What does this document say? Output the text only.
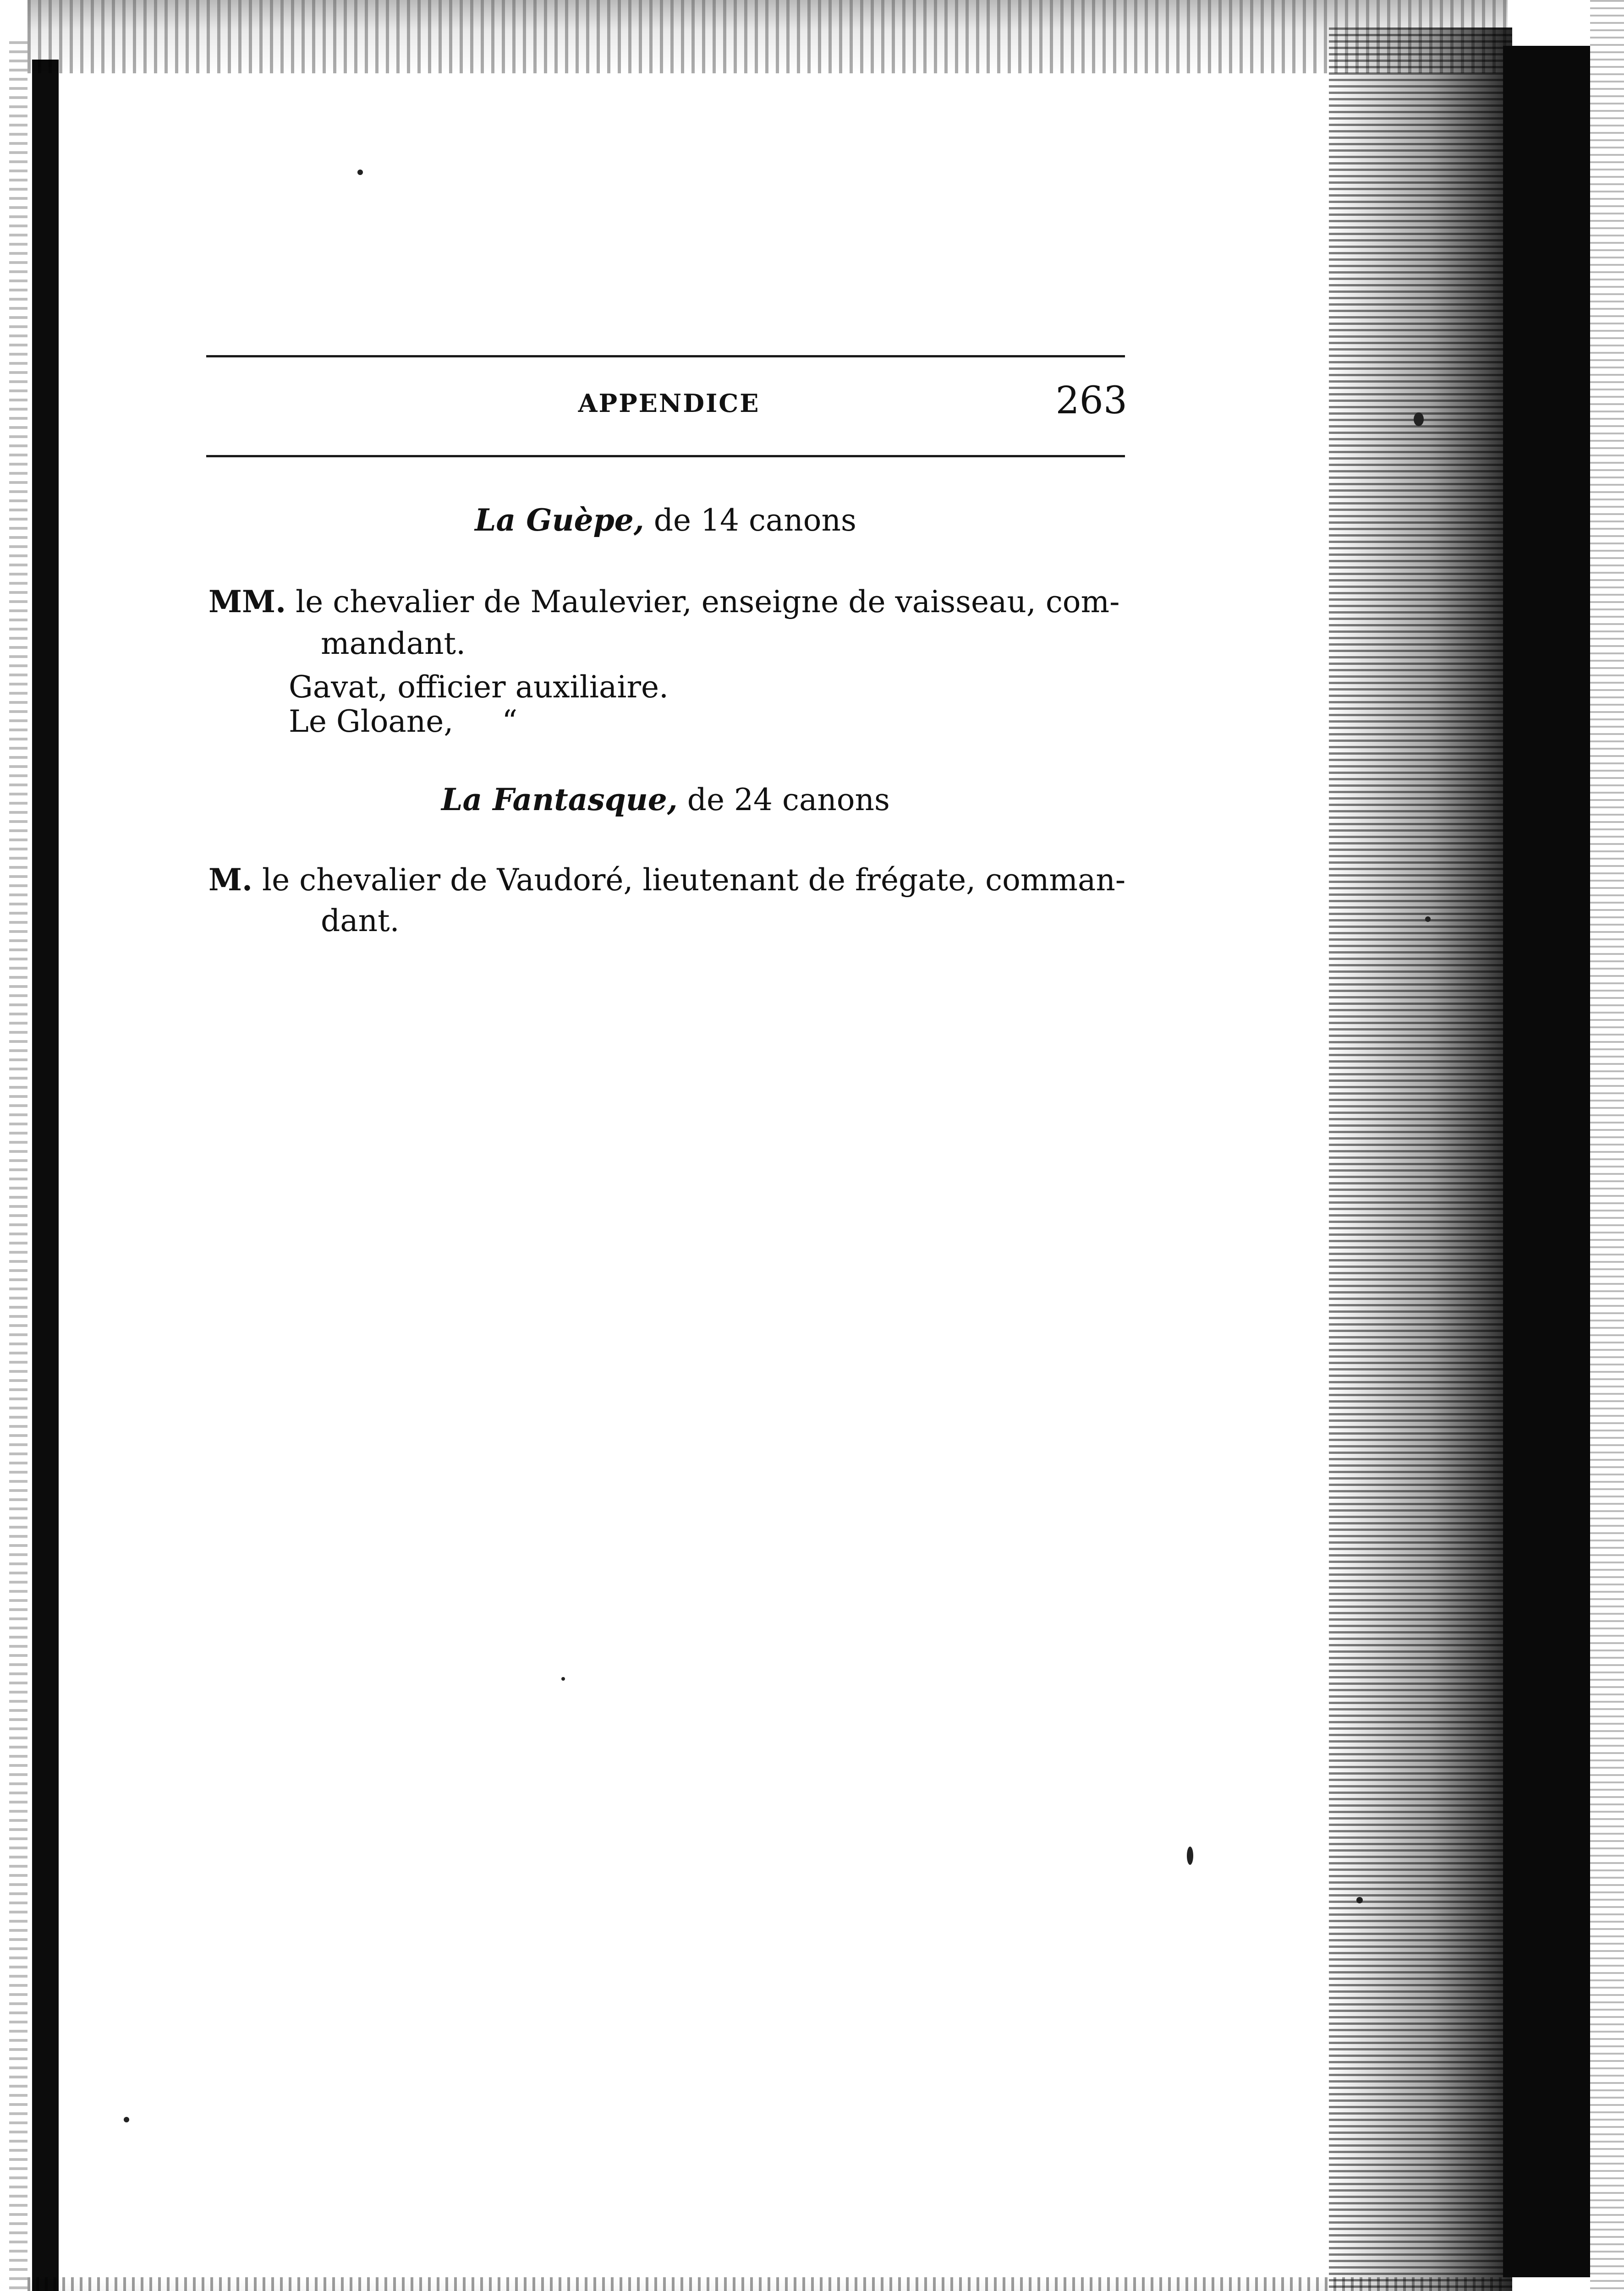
APPENDICE	263
La Guèpe, de 14 canons
MM. le chevalier de Maulevier, enseigne de vaisseau, com-
mandant.
Gavat, officier auxiliaire.
Le Gloane, “
La Fantasque, de 24 canons
M. le chevalier de Vaudoré, lieutenant de frégate, comman-
dant.
